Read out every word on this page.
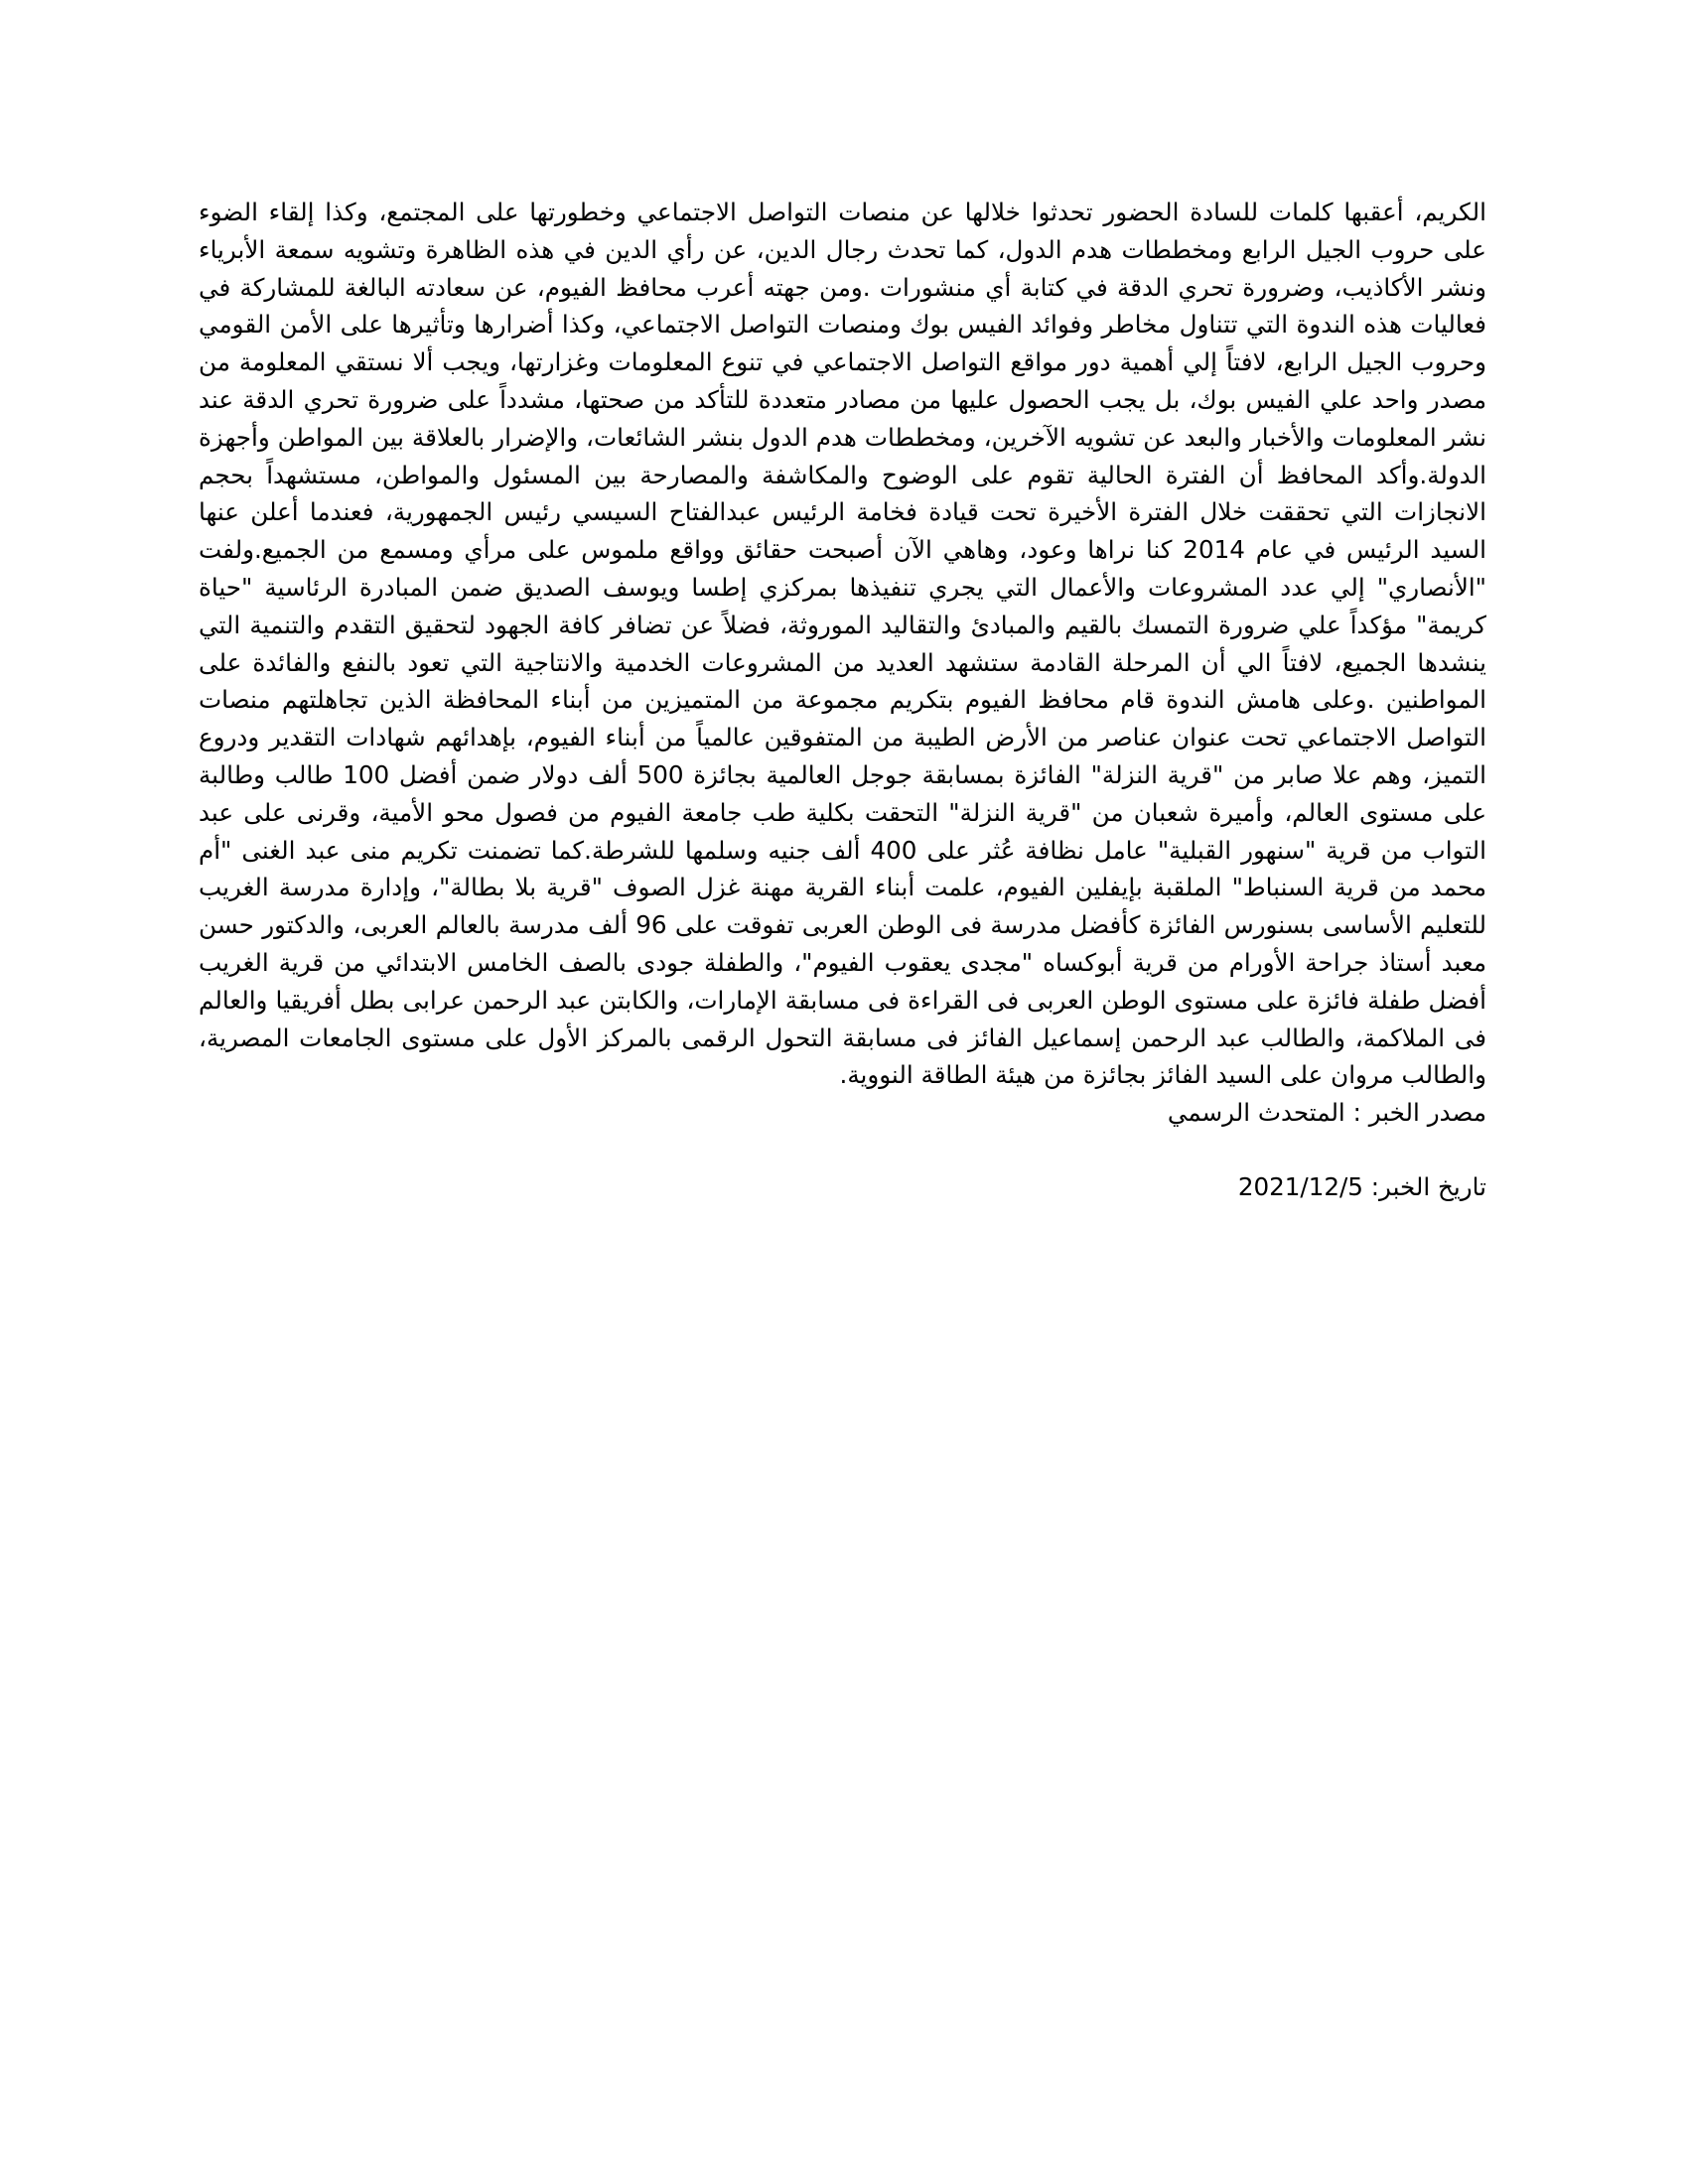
الكريم، أعقبها كلمات للسادة الحضور تحدثوا خلالها عن منصات التواصل الاجتماعي وخطورتها على المجتمع، وكذا إلقاء الضوء على حروب الجيل الرابع ومخططات هدم الدول، كما تحدث رجال الدين، عن رأي الدين في هذه الظاهرة وتشويه سمعة الأبرياء ونشر الأكاذيب، وضرورة تحري الدقة في كتابة أي منشورات .ومن جهته أعرب محافظ الفيوم، عن سعادته البالغة للمشاركة في فعاليات هذه الندوة التي تتناول مخاطر وفوائد الفيس بوك ومنصات التواصل الاجتماعي، وكذا أضرارها وتأثيرها على الأمن القومي وحروب الجيل الرابع، لافتاً إلي أهمية دور مواقع التواصل الاجتماعي في تنوع المعلومات وغزارتها، ويجب ألا نستقي المعلومة من مصدر واحد علي الفيس بوك، بل يجب الحصول عليها من مصادر متعددة للتأكد من صحتها، مشدداً على ضرورة تحري الدقة عند نشر المعلومات والأخبار والبعد عن تشويه الآخرين، ومخططات هدم الدول بنشر الشائعات، والإضرار بالعلاقة بين المواطن وأجهزة الدولة.وأكد المحافظ أن الفترة الحالية تقوم على الوضوح والمكاشفة والمصارحة بين المسئول والمواطن، مستشهداً بحجم الانجازات التي تحققت خلال الفترة الأخيرة تحت قيادة فخامة الرئيس عبدالفتاح السيسي رئيس الجمهورية، فعندما أعلن عنها السيد الرئيس في عام 2014 كنا نراها وعود، وهاهي الآن أصبحت حقائق وواقع ملموس على مرأي ومسمع من الجميع.ولفت "الأنصاري" إلي عدد المشروعات والأعمال التي يجري تنفيذها بمركزي إطسا ويوسف الصديق ضمن المبادرة الرئاسية "حياة كريمة" مؤكداً علي ضرورة التمسك بالقيم والمبادئ والتقاليد الموروثة، فضلاً عن تضافر كافة الجهود لتحقيق التقدم والتنمية التي ينشدها الجميع، لافتاً الي أن المرحلة القادمة ستشهد العديد من المشروعات الخدمية والانتاجية التي تعود بالنفع والفائدة على المواطنين .وعلى هامش الندوة قام محافظ الفيوم بتكريم مجموعة من المتميزين من أبناء المحافظة الذين تجاهلتهم منصات التواصل الاجتماعي تحت عنوان عناصر من الأرض الطيبة من المتفوقين عالمياً من أبناء الفيوم، بإهدائهم شهادات التقدير ودروع التميز، وهم علا صابر من "قرية النزلة" الفائزة بمسابقة جوجل العالمية بجائزة 500 ألف دولار ضمن أفضل 100 طالب وطالبة على مستوى العالم، وأميرة شعبان من "قرية النزلة" التحقت بكلية طب جامعة الفيوم من فصول محو الأمية، وقرنى على عبد التواب من قرية "سنهور القبلية" عامل نظافة عُثر على 400 ألف جنيه وسلمها للشرطة.كما تضمنت تكريم منى عبد الغنى "أم محمد من قرية السنباط" الملقبة بإيفلين الفيوم، علمت أبناء القرية مهنة غزل الصوف "قرية بلا بطالة"، وإدارة مدرسة الغريب للتعليم الأساسى بسنورس الفائزة كأفضل مدرسة فى الوطن العربى تفوقت على 96 ألف مدرسة بالعالم العربى، والدكتور حسن معبد أستاذ جراحة الأورام من قرية أبوكساه "مجدى يعقوب الفيوم"، والطفلة جودى بالصف الخامس الابتدائي من قرية الغريب أفضل طفلة فائزة على مستوى الوطن العربى فى القراءة فى مسابقة الإمارات، والكابتن عبد الرحمن عرابى بطل أفريقيا والعالم فى الملاكمة، والطالب عبد الرحمن إسماعيل الفائز فى مسابقة التحول الرقمى بالمركز الأول على مستوى الجامعات المصرية، والطالب مروان على السيد الفائز بجائزة من هيئة الطاقة النووية.

مصدر الخبر : المتحدث الرسمي

تاريخ الخبر: 2021/12/5
